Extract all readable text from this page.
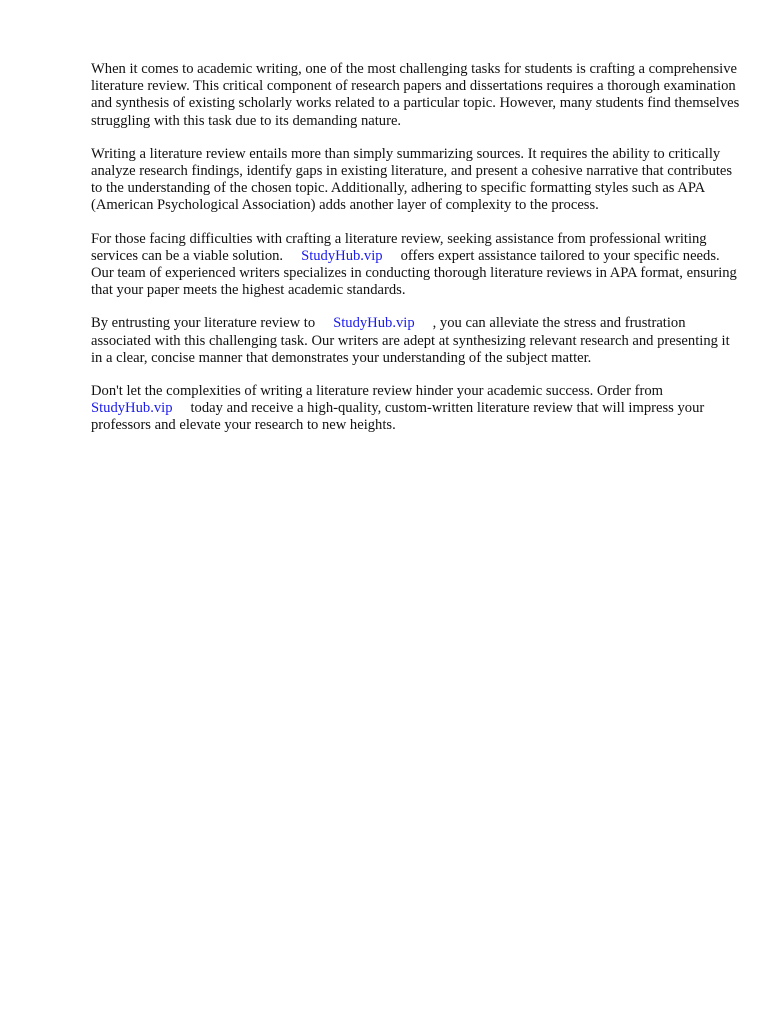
When it comes to academic writing, one of the most challenging tasks for students is crafting a comprehensive literature review. This critical component of research papers and dissertations requires a thorough examination and synthesis of existing scholarly works related to a particular topic. However, many students find themselves struggling with this task due to its demanding nature.

Writing a literature review entails more than simply summarizing sources. It requires the ability to critically analyze research findings, identify gaps in existing literature, and present a cohesive narrative that contributes to the understanding of the chosen topic. Additionally, adhering to specific formatting styles such as APA (American Psychological Association) adds another layer of complexity to the process.

For those facing difficulties with crafting a literature review, seeking assistance from professional writing services can be a viable solution. StudyHub.vip offers expert assistance tailored to your specific needs. Our team of experienced writers specializes in conducting thorough literature reviews in APA format, ensuring that your paper meets the highest academic standards.

By entrusting your literature review to StudyHub.vip , you can alleviate the stress and frustration associated with this challenging task. Our writers are adept at synthesizing relevant research and presenting it in a clear, concise manner that demonstrates your understanding of the subject matter.

Don't let the complexities of writing a literature review hinder your academic success. Order from StudyHub.vip today and receive a high-quality, custom-written literature review that will impress your professors and elevate your research to new heights.
